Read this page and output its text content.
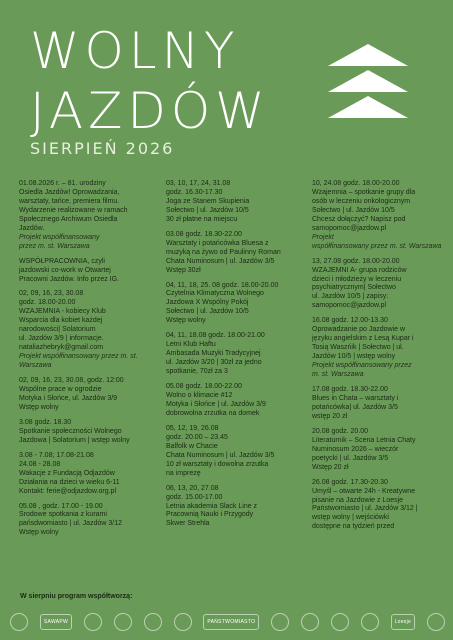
WOLNY
JAZDÓW
SIERPIEŃ 2026
01.08.2026 r. – 81. urodziny
Osiedla Jazdów! Oprowadzania,
warsztaty, tańce, premiera filmu.
Wydarzenie realizowane w ramach
Społecznego Archiwum Osiedla
Jazdów.
Projekt współfinansowany
przez m. st. Warszawa
WSPÓŁPRACOWNIA, czyli
jazdowski co-work w Otwartej
Pracowni Jazdów. Info przez IG.
02, 09, 16, 23, 30.08
godz. 18.00-20.00
WZAJEMNIA - kobiecy Klub
Wsparcia dla kobiet każdej
narodowości| Solatorium
ul. Jazdów 3/9 | informacje.
nataliazhebryk@gmail.com
Projekt współfinansowany przez m. st.
Warszawa
02, 09, 16, 23, 30.08, godz. 12:00
Wspólne prace w ogrodzie
Motyka i Słońce, ul. Jazdów 3/9
Wstęp wolny
3.08 godz. 18.30
Spotkanie społeczności Wolnego
Jazdowa | Solatorium | wstęp wolny
3.08 - 7.08; 17.08-21.08
24.08 - 28.08
Wakacje z Fundacją Odjazdów
Działania na dzieci w wieku 6-11
Kontakt: ferie@odjazdow.org.pl
05.08 , godz. 17.00 - 19.00
Środowe spotkania z kurami
pańsdwomiasto | ul. Jazdów 3/12
Wstęp wolny
03, 10, 17, 24, 31.08
godz. 16.30-17.30
Joga ze Stanem Skupienia
Sołectwo | ul. Jazdów 10/5
30 zł płatne na miejscu
03.08 godz. 18.30-22.00
Warsztaty i potańcówka Bluesa z
muzyką na żywo od Paulinny Roman
Chata Numinosum | ul. Jazdów 3/5
Wstęp 30zł
04, 11, 18, 25. 08 godz. 18.00-20.00
Czytelnia Klimatyczna Wolnego
Jazdowa X Wspólny Pokój
Sołectwo | ul. Jazdów 10/5
Wstęp wolny
04, 11, 18.08 godz. 18.00-21.00
Letni Klub Haftu
Ambasada Muzyki Tradycyjnej
ul. Jazdów 3/20 | 30zł za jedno
spotkanie, 70zł za 3
05.08 godz. 18.00-22.00
Wolno o klimacie #12
Motyka i Słońce | ul. Jazdów 3/9
dobrowolna zrzutka na domek
05, 12, 19, 26.08
godz. 20.00 – 23.45
Balfolk w Chacie
Chata Numinosum | ul. Jazdów 3/5
10 zł warsztaty i dowolna zrzutka
na imprezę
06, 13, 20, 27.08
godz. 15.00-17.00
Letnia akademia Slack Line z
Pracownią Nauki i Przygody
Skwer Strehla
10, 24.08 godz. 18.00-20.00
Wzajemnia – spotkanie grupy dla
osób w leczeniu onkologicznym
Sołectwo | ul. Jazdów 10/5
Chcesz dołączyć? Napisz pod
samopomoc@jazdow.pl
Projekt
współfinansowany przez m. st. Warszawa
13, 27.08 godz. 18.00-20.00
WZAJEMNI A- grupa rodziców
dzieci i młodzieży w leczeniu
psychiatrycznym| Sołectwo
ul. Jazdów 10/5 | zapisy:
samopomoc@jazdow.pl
16.08 godz. 12.00-13.30
Oprowadzanie po Jazdowie w
języku angielskim z Lesą Kupar i
Tosią Waszńik | Sołectwo | ul.
Jazdów 10/5 | wstęp wolny
Projekt współfinansowany przez
m. st. Warszawa
17.08 godz. 18.30-22.00
Blues in Chata – warsztaty i
potańcówka| ul. Jazdów 3/5
wstęp 20 zł
20.08 godz. 20.00
Literaturnik – Scena Letnia Chaty
Numinosum 2026 – wieczór
poetycki | ul. Jazdów 3/5
Wstęp 20 zł
26.08 godz. 17.30-20.30
Umyśl – otwarte 24h - Kreatywne
pisanie na Jazdowie z Loesje
Państwomiasto | ul. Jazdów 3/12 |
wstęp wolny | wejściówki
dostępne na tydzień przed
W sierpniu program współtworzą:
SAWAPW	PAŃSTWOMIASTO	Loesje
